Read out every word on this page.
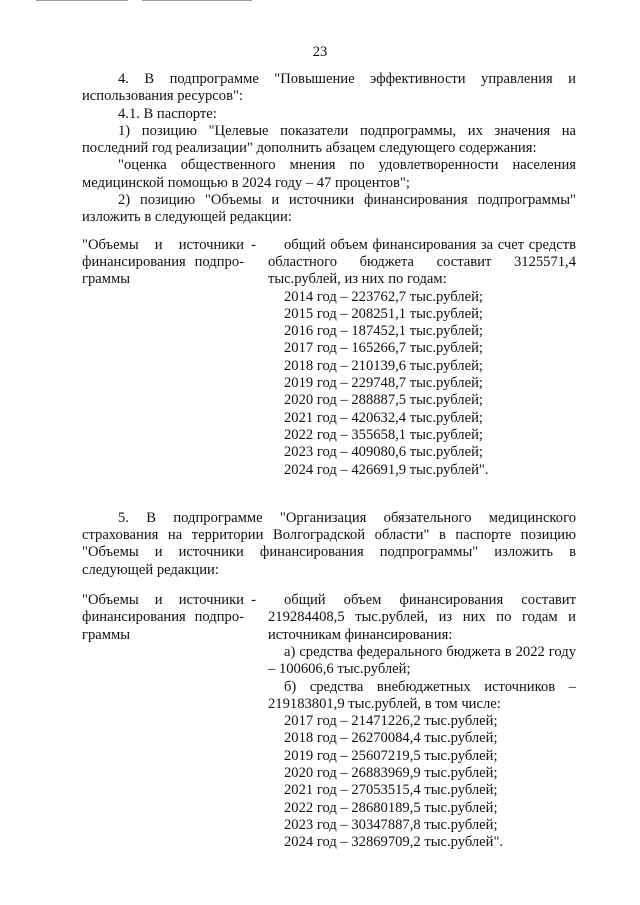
23

4. В подпрограмме "Повышение эффективности управления и использования ресурсов":

4.1. В паспорте:

1) позицию "Целевые показатели подпрограммы, их значения на последний год реализации" дополнить абзацем следующего содержания:

"оценка общественного мнения по удовлетворенности населения медицинской помощью в 2024 году – 47 процентов";

2) позицию "Объемы и источники финансирования подпрограммы" изложить в следующей редакции:

"Объемы и источники финансирования подпро-граммы
-	общий объем финансирования за счет средств областного бюджета составит 3125571,4 тыс.рублей, из них по годам:

2014 год – 223762,7 тыс.рублей;
2015 год – 208251,1 тыс.рублей;
2016 год – 187452,1 тыс.рублей;
2017 год – 165266,7 тыс.рублей;
2018 год – 210139,6 тыс.рублей;
2019 год – 229748,7 тыс.рублей;
2020 год – 288887,5 тыс.рублей;
2021 год – 420632,4 тыс.рублей;
2022 год – 355658,1 тыс.рублей;
2023 год – 409080,6 тыс.рублей;
2024 год – 426691,9 тыс.рублей".

5. В подпрограмме "Организация обязательного медицинского страхования на территории Волгоградской области" в паспорте позицию "Объемы и источники финансирования подпрограммы" изложить в следующей редакции:

"Объемы и источники финансирования подпро-граммы
-	общий объем финансирования составит 219284408,5 тыс.рублей, из них по годам и источникам финансирования:

а) средства федерального бюджета в 2022 году – 100606,6 тыс.рублей;

б) средства внебюджетных источников – 219183801,9 тыс.рублей, в том числе:

2017 год – 21471226,2 тыс.рублей;
2018 год – 26270084,4 тыс.рублей;
2019 год – 25607219,5 тыс.рублей;
2020 год – 26883969,9 тыс.рублей;
2021 год – 27053515,4 тыс.рублей;
2022 год – 28680189,5 тыс.рублей;
2023 год – 30347887,8 тыс.рублей;
2024 год – 32869709,2 тыс.рублей".
